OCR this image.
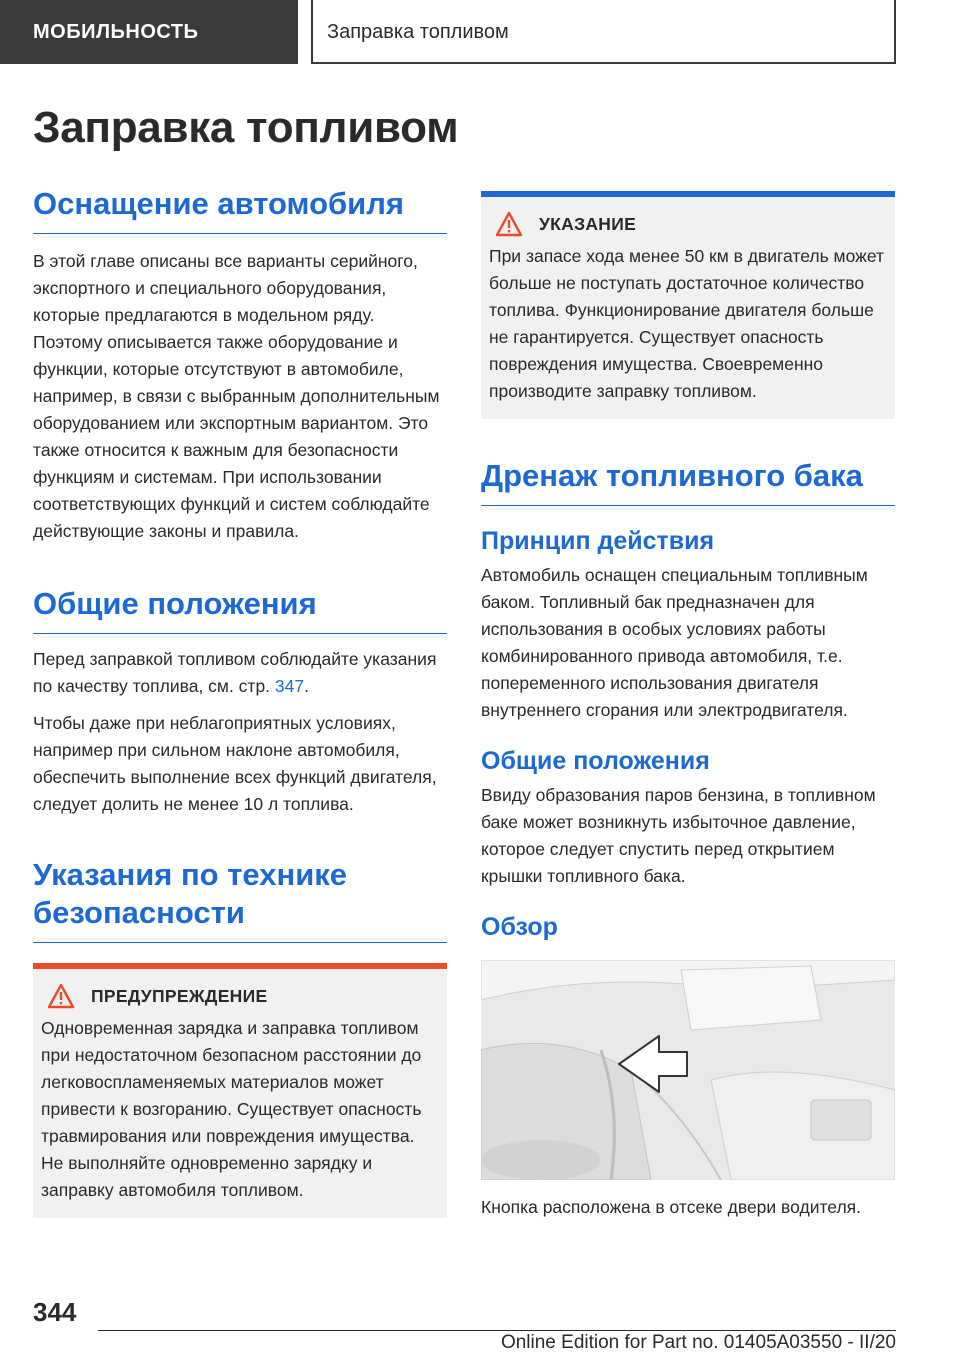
МОБИЛЬНОСТЬ	Заправка топливом
Заправка топливом
Оснащение автомобиля

В этой главе описаны все варианты серийного, экспортного и специального оборудования, которые предлагаются в модельном ряду. Поэтому описывается также оборудование и функции, которые отсутствуют в автомобиле, например, в связи с выбранным дополнительным оборудованием или экспортным вариантом. Это также относится к важным для безопасности функциям и системам. При использовании соответствующих функций и систем соблюдайте действующие законы и правила.

Общие положения

Перед заправкой топливом соблюдайте указания по качеству топлива, см. стр. 347.

Чтобы даже при неблагоприятных условиях, например при сильном наклоне автомобиля, обеспечить выполнение всех функций двигателя, следует долить не менее 10 л топлива.

Указания по технике безопасности
ПРЕДУПРЕЖДЕНИЕ

Одновременная зарядка и заправка топливом при недостаточном безопасном расстоянии до легковоспламеняемых материалов может привести к возгоранию. Существует опасность травмирования или повреждения имущества. Не выполняйте одновременно зарядку и заправку автомобиля топливом.

УКАЗАНИЕ

При запасе хода менее 50 км в двигатель может больше не поступать достаточное количество топлива. Функционирование двигателя больше не гарантируется. Существует опасность повреждения имущества. Своевременно производите заправку топливом.

Дренаж топливного бака
Принцип действия

Автомобиль оснащен специальным топливным баком. Топливный бак предназначен для использования в особых условиях работы комбинированного привода автомобиля, т.е. попеременного использования двигателя внутреннего сгорания или электродвигателя.

Общие положения

Ввиду образования паров бензина, в топливном баке может возникнуть избыточное давление, которое следует спустить перед открытием крышки топливного бака.

Обзор

Кнопка расположена в отсеке двери водителя.

344
Online Edition for Part no. 01405A03550 - II/20
